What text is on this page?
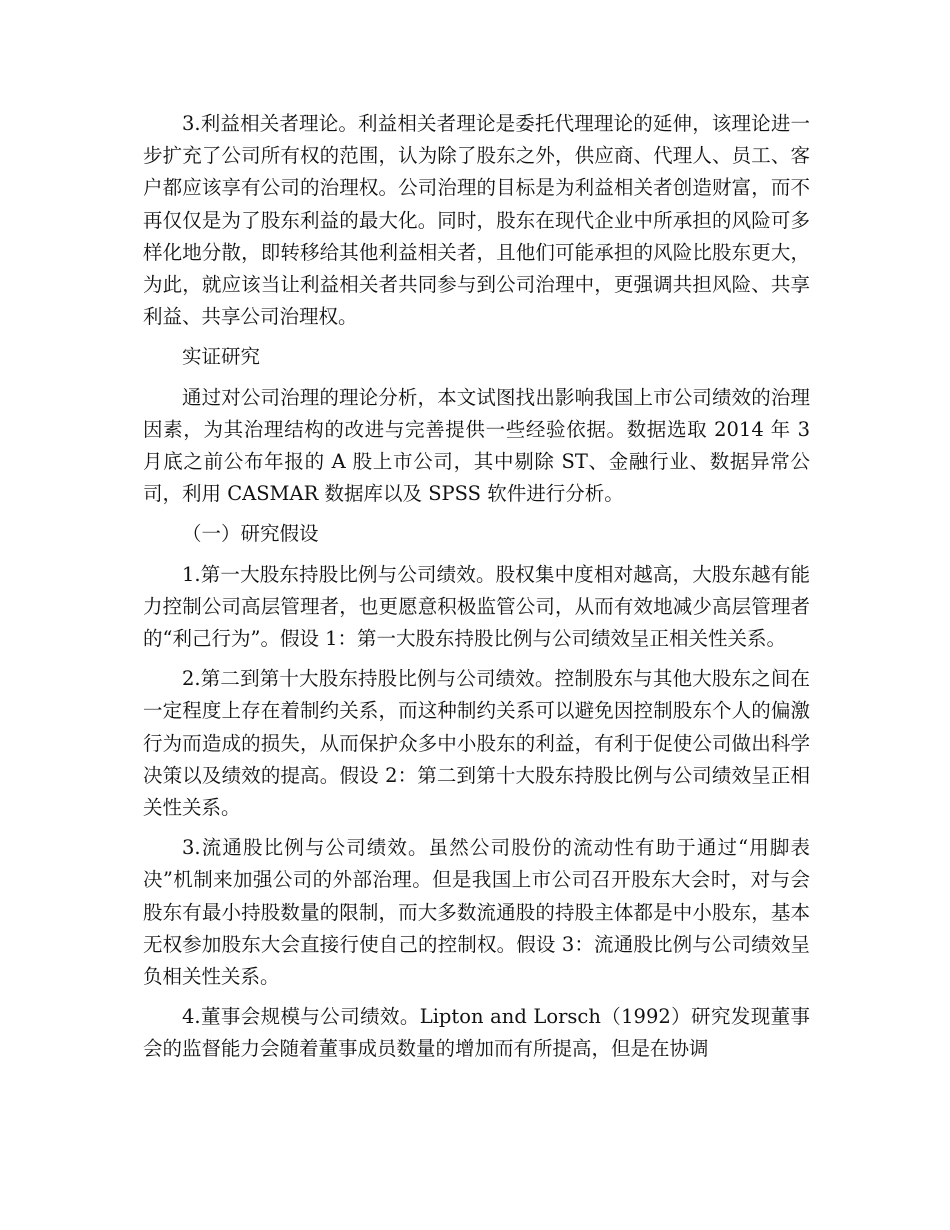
3.利益相关者理论。利益相关者理论是委托代理理论的延伸，该理论进一步扩充了公司所有权的范围，认为除了股东之外，供应商、代理人、员工、客户都应该享有公司的治理权。公司治理的目标是为利益相关者创造财富，而不再仅仅是为了股东利益的最大化。同时，股东在现代企业中所承担的风险可多样化地分散，即转移给其他利益相关者，且他们可能承担的风险比股东更大，为此，就应该当让利益相关者共同参与到公司治理中，更强调共担风险、共享利益、共享公司治理权。

实证研究

通过对公司治理的理论分析，本文试图找出影响我国上市公司绩效的治理因素，为其治理结构的改进与完善提供一些经验依据。数据选取 2014 年 3 月底之前公布年报的 A 股上市公司，其中剔除 ST、金融行业、数据异常公司，利用 CASMAR 数据库以及 SPSS 软件进行分析。

（一）研究假设

1.第一大股东持股比例与公司绩效。股权集中度相对越高，大股东越有能力控制公司高层管理者，也更愿意积极监管公司，从而有效地减少高层管理者的“利己行为”。假设 1：第一大股东持股比例与公司绩效呈正相关性关系。

2.第二到第十大股东持股比例与公司绩效。控制股东与其他大股东之间在一定程度上存在着制约关系，而这种制约关系可以避免因控制股东个人的偏激行为而造成的损失，从而保护众多中小股东的利益，有利于促使公司做出科学决策以及绩效的提高。假设 2：第二到第十大股东持股比例与公司绩效呈正相关性关系。

3.流通股比例与公司绩效。虽然公司股份的流动性有助于通过“用脚表决”机制来加强公司的外部治理。但是我国上市公司召开股东大会时，对与会股东有最小持股数量的限制，而大多数流通股的持股主体都是中小股东，基本无权参加股东大会直接行使自己的控制权。假设 3：流通股比例与公司绩效呈负相关性关系。

4.董事会规模与公司绩效。Lipton and Lorsch（1992）研究发现董事会的监督能力会随着董事成员数量的增加而有所提高，但是在协调
